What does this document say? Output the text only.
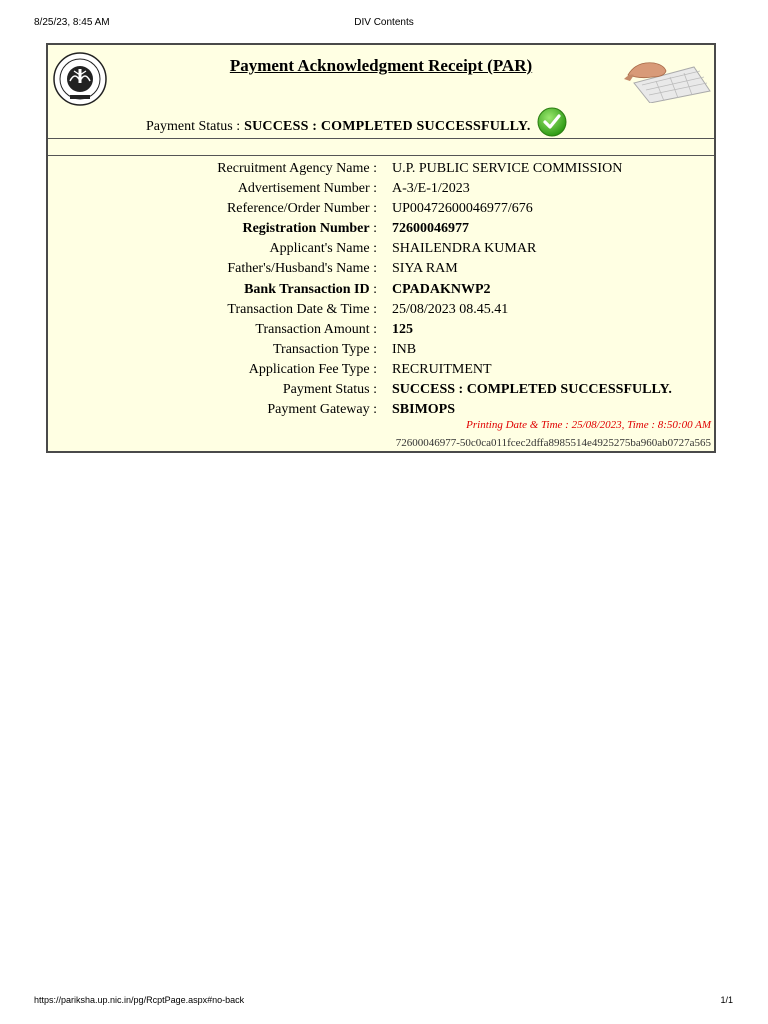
8/25/23, 8:45 AM	DIV Contents
Payment Acknowledgment Receipt (PAR)
Payment Status : SUCCESS : COMPLETED SUCCESSFULLY.
Recruitment Agency Name : U.P. PUBLIC SERVICE COMMISSION
Advertisement Number : A-3/E-1/2023
Reference/Order Number : UP00472600046977/676
Registration Number : 72600046977
Applicant's Name : SHAILENDRA KUMAR
Father's/Husband's Name : SIYA RAM
Bank Transaction ID : CPADAKNWP2
Transaction Date & Time : 25/08/2023 08.45.41
Transaction Amount : 125
Transaction Type : INB
Application Fee Type : RECRUITMENT
Payment Status : SUCCESS : COMPLETED SUCCESSFULLY.
Payment Gateway : SBIMOPS
Printing Date & Time : 25/08/2023, Time : 8:50:00 AM
72600046977-50c0ca011fcec2dffa8985514e4925275ba960ab0727a565
https://pariksha.up.nic.in/pg/RcptPage.aspx#no-back	1/1
